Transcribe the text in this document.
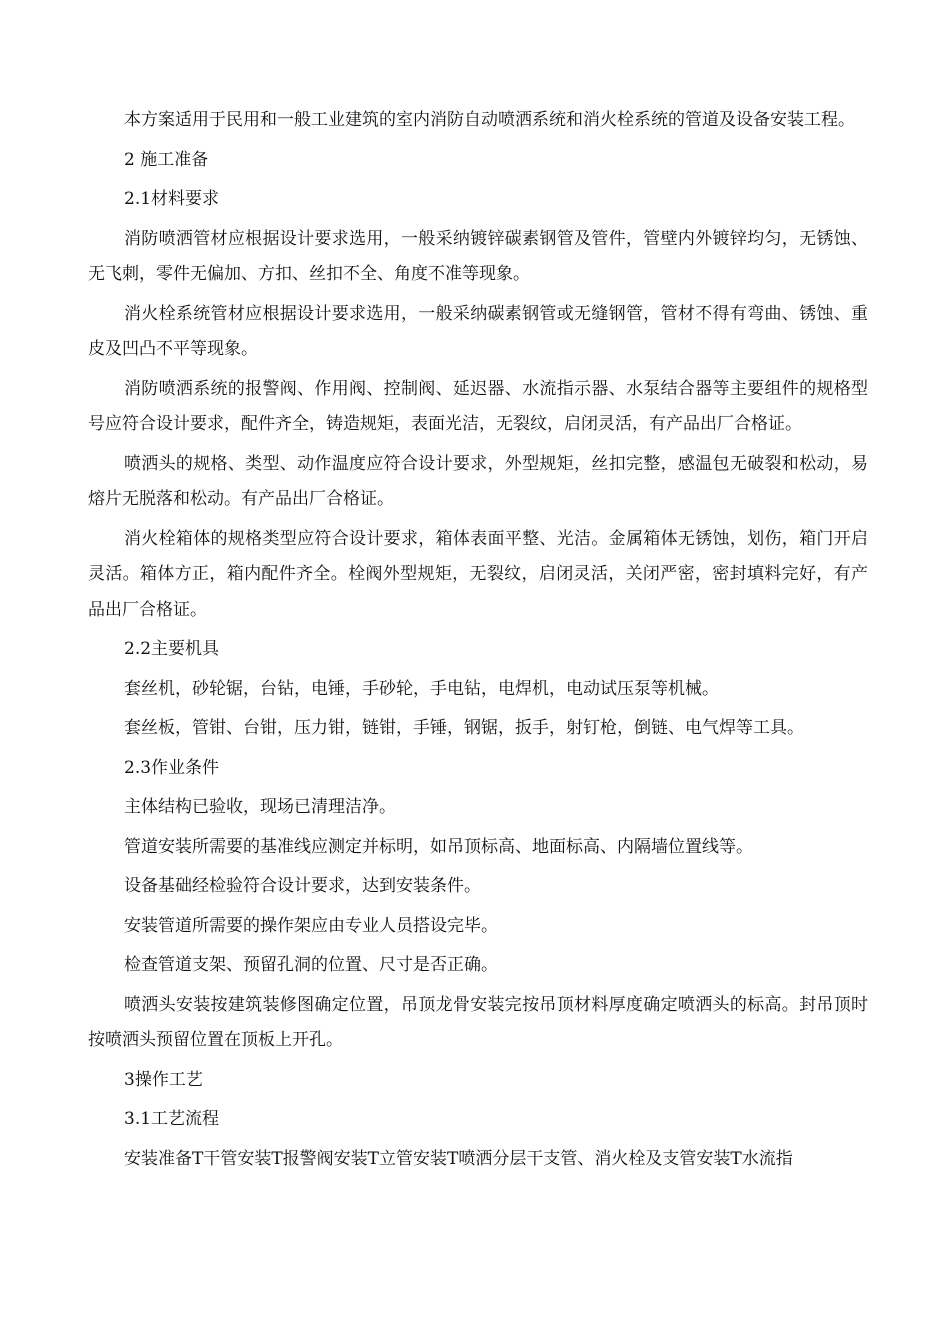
本方案适用于民用和一般工业建筑的室内消防自动喷洒系统和消火栓系统的管道及设备安装工程。

2 施工准备

2.1材料要求

消防喷洒管材应根据设计要求选用，一般采纳镀锌碳素钢管及管件，管壁内外镀锌均匀，无锈蚀、无飞刺，零件无偏加、方扣、丝扣不全、角度不准等现象。

消火栓系统管材应根据设计要求选用，一般采纳碳素钢管或无缝钢管，管材不得有弯曲、锈蚀、重皮及凹凸不平等现象。

消防喷洒系统的报警阀、作用阀、控制阀、延迟器、水流指示器、水泵结合器等主要组件的规格型号应符合设计要求，配件齐全，铸造规矩，表面光洁，无裂纹，启闭灵活，有产品出厂合格证。

喷洒头的规格、类型、动作温度应符合设计要求，外型规矩，丝扣完整，感温包无破裂和松动，易熔片无脱落和松动。有产品出厂合格证。

消火栓箱体的规格类型应符合设计要求，箱体表面平整、光洁。金属箱体无锈蚀，划伤，箱门开启灵活。箱体方正，箱内配件齐全。栓阀外型规矩，无裂纹，启闭灵活，关闭严密，密封填料完好，有产品出厂合格证。

2.2主要机具

套丝机，砂轮锯，台钻，电锤，手砂轮，手电钻，电焊机，电动试压泵等机械。

套丝板，管钳、台钳，压力钳，链钳，手锤，钢锯，扳手，射钉枪，倒链、电气焊等工具。

2.3作业条件

主体结构已验收，现场已清理洁净。

管道安装所需要的基准线应测定并标明，如吊顶标高、地面标高、内隔墙位置线等。

设备基础经检验符合设计要求，达到安装条件。

安装管道所需要的操作架应由专业人员搭设完毕。

检查管道支架、预留孔洞的位置、尺寸是否正确。

喷洒头安装按建筑装修图确定位置，吊顶龙骨安装完按吊顶材料厚度确定喷洒头的标高。封吊顶时按喷洒头预留位置在顶板上开孔。

3操作工艺

3.1工艺流程

安装准备T干管安装T报警阀安装T立管安装T喷洒分层干支管、消火栓及支管安装T水流指
